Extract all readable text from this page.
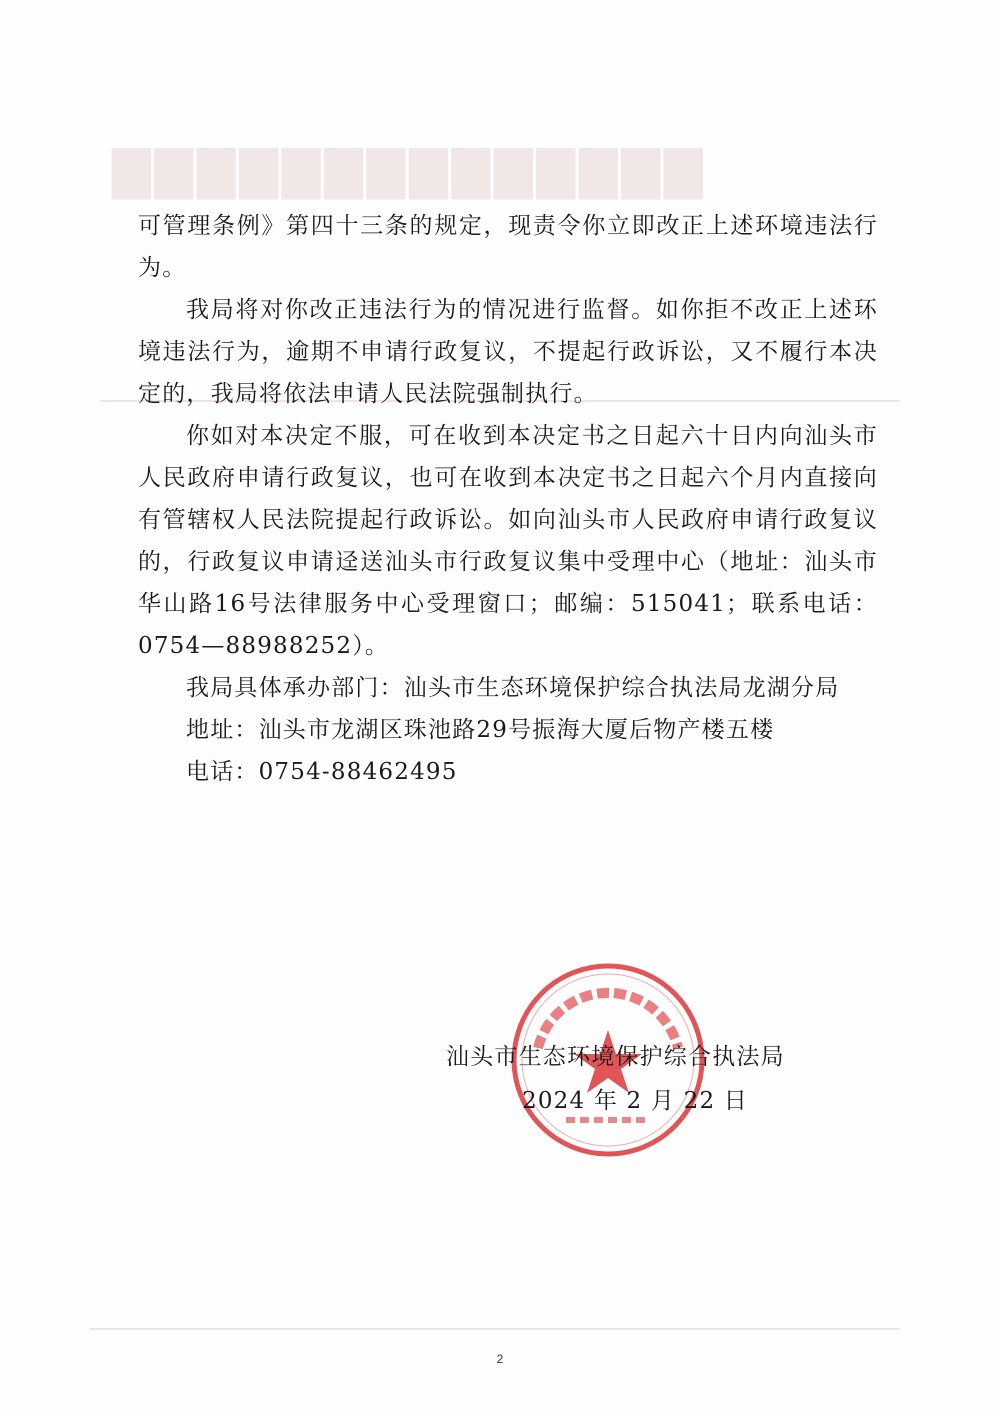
▇▇▇▇▇▇▇▇▇▇▇▇▇▇

可管理条例》第四十三条的规定，现责令你立即改正上述环境违法行为。

我局将对你改正违法行为的情况进行监督。如你拒不改正上述环境违法行为，逾期不申请行政复议，不提起行政诉讼，又不履行本决定的，我局将依法申请人民法院强制执行。

你如对本决定不服，可在收到本决定书之日起六十日内向汕头市人民政府申请行政复议，也可在收到本决定书之日起六个月内直接向有管辖权人民法院提起行政诉讼。如向汕头市人民政府申请行政复议的，行政复议申请迳送汕头市行政复议集中受理中心（地址：汕头市华山路16号法律服务中心受理窗口；邮编：515041；联系电话：0754—88988252）。

我局具体承办部门：汕头市生态环境保护综合执法局龙湖分局

地址：汕头市龙湖区珠池路29号振海大厦后物产楼五楼

电话：0754-88462495

汕头市生态环境保护综合执法局
2024 年 2 月 22 日
2
